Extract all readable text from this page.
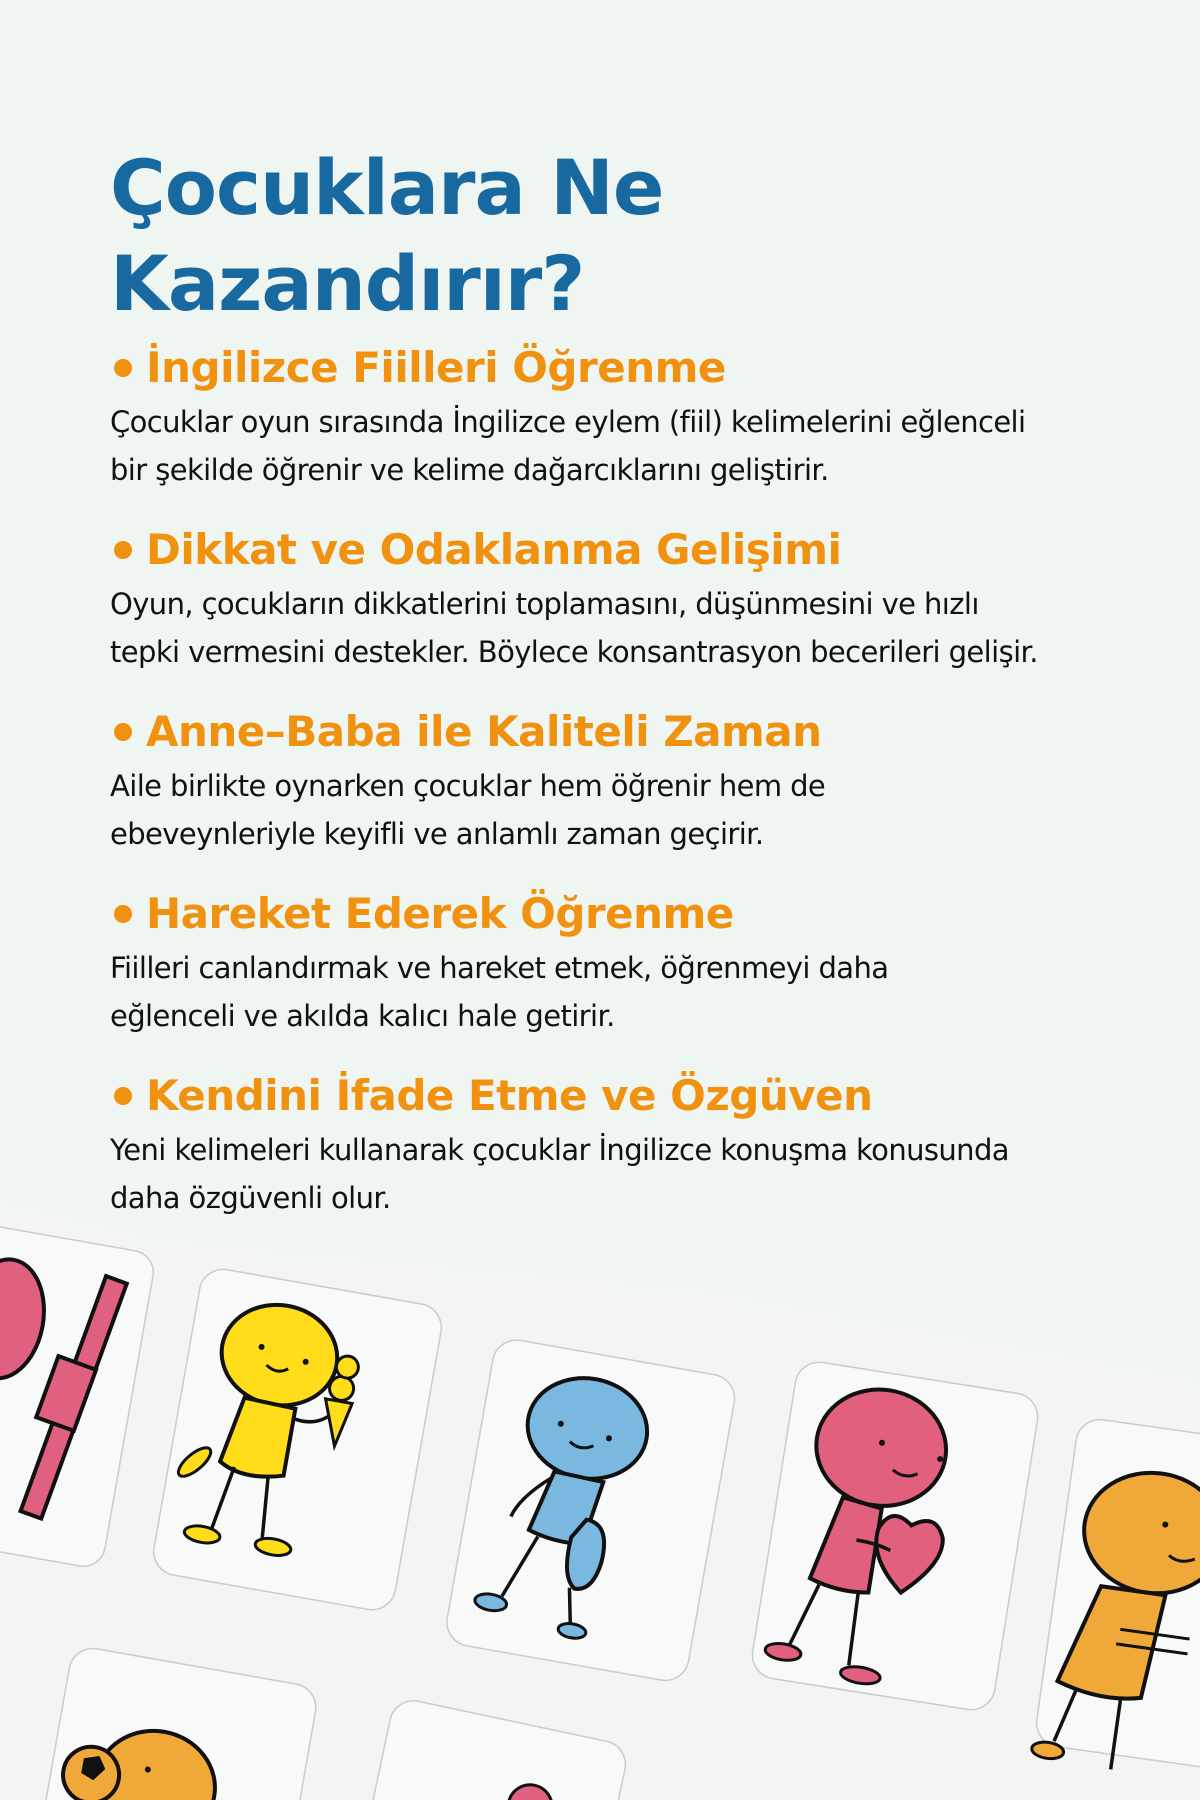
Çocuklara Ne Kazandırır?
İngilizce Fiilleri Öğrenme
Çocuklar oyun sırasında İngilizce eylem (fiil) kelimelerini eğlenceli
bir şekilde öğrenir ve kelime dağarcıklarını geliştirir.
Dikkat ve Odaklanma Gelişimi
Oyun, çocukların dikkatlerini toplamasını, düşünmesini ve hızlı
tepki vermesini destekler. Böylece konsantrasyon becerileri gelişir.
Anne–Baba ile Kaliteli Zaman
Aile birlikte oynarken çocuklar hem öğrenir hem de
ebeveynleriyle keyifli ve anlamlı zaman geçirir.
Hareket Ederek Öğrenme
Fiilleri canlandırmak ve hareket etmek, öğrenmeyi daha
eğlenceli ve akılda kalıcı hale getirir.
Kendini İfade Etme ve Özgüven
Yeni kelimeleri kullanarak çocuklar İngilizce konuşma konusunda
daha özgüvenli olur.
